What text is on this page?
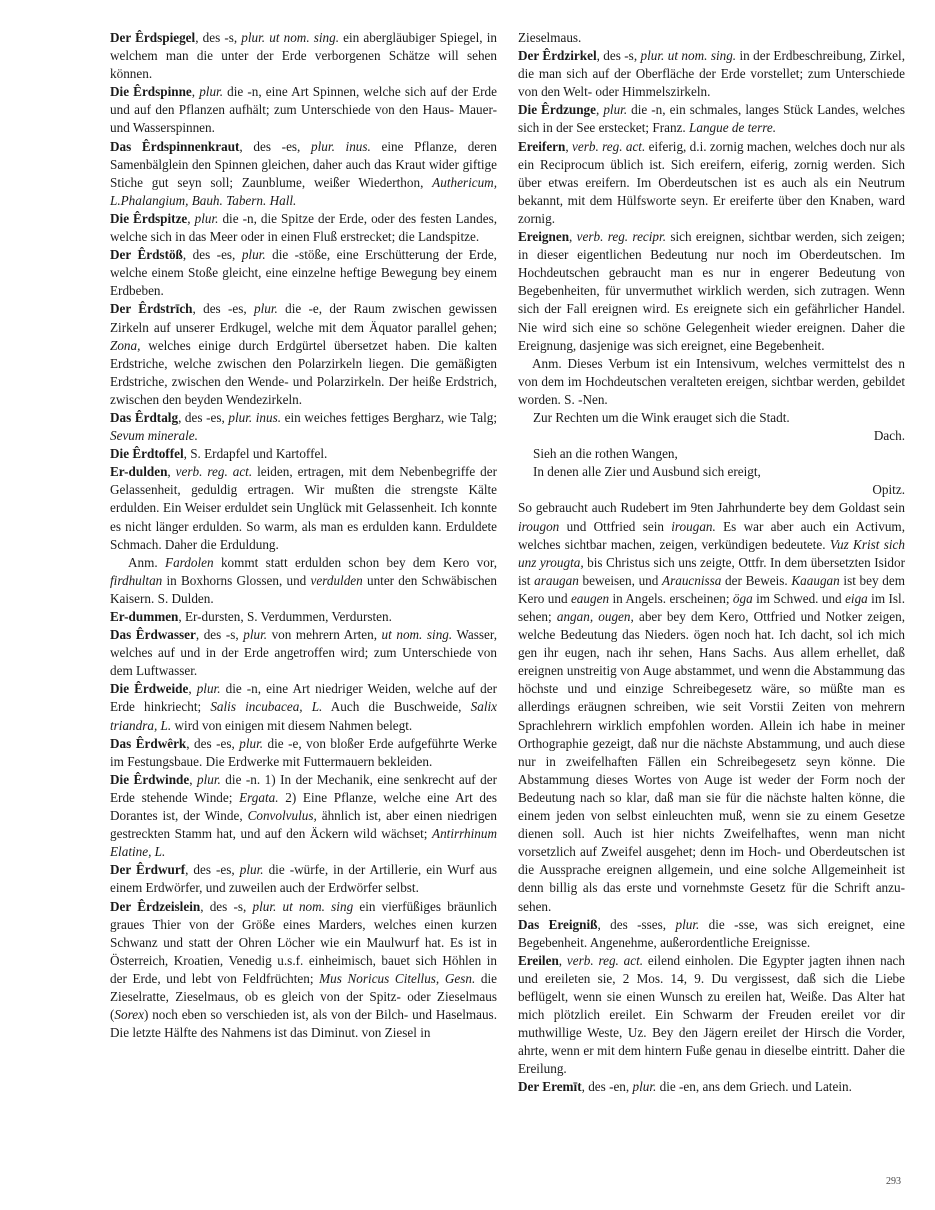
Der Êrdspiegel, des -s, plur. ut nom. sing. ein abergläubiger Spiegel, in welchem man die unter der Erde verborgenen Schätze will sehen können.

Die Êrdspinne, plur. die -n, eine Art Spinnen, welche sich auf der Erde und auf den Pflanzen aufhält; zum Unterschiede von den Haus- Mauer- und Wasserspinnen.

Das Êrdspinnenkraut, des -es, plur. inus. eine Pflanze, deren Samenbälglein den Spinnen gleichen, daher auch das Kraut wider giftige Stiche gut seyn soll; Zaunblume, weißer Wiederthon, Authericum, L.Phalangium, Bauh. Tabern. Hall.

Die Êrdspitze, plur. die -n, die Spitze der Erde, oder des festen Landes, welche sich in das Meer oder in einen Fluß erstrecket; die Landspitze.

Der Êrdstöß, des -es, plur. die -stöße, eine Erschütterung der Erde, welche einem Stoße gleicht, eine einzelne heftige Bewegung bey einem Erdbeben.

Der Êrdstrīch, des -es, plur. die -e, der Raum zwischen gewissen Zirkeln auf unserer Erdkugel, welche mit dem Äquator parallel gehen; Zona, welches einige durch Erdgürtel übersetzet haben. Die kalten Erdstriche, welche zwischen den Polarzirkeln liegen. Die gemäßigten Erdstriche, zwischen den Wende- und Polarzirkeln. Der heiße Erdstrich, zwischen den beyden Wendezirkeln.

Das Êrdtalg, des -es, plur. inus. ein weiches fettiges Bergharz, wie Talg; Sevum minerale.

Die Êrdtoffel, S. Erdapfel und Kartoffel.

Er-dulden, verb. reg. act. leiden, ertragen, mit dem Nebenbegriffe der Gelassenheit, geduldig ertragen. Wir mußten die strengste Kälte erdulden. Ein Weiser erduldet sein Unglück mit Gelassenheit. Ich konnte es nicht länger erdulden. So warm, als man es erdulden kann. Erduldete Schmach. Daher die Erduldung.

Anm. Fardolen kommt statt erdulden schon bey dem Kero vor, firdhultan in Boxhorns Glossen, und verdulden unter den Schwäbischen Kaisern. S. Dulden.

Er-dummen, Er-dursten, S. Verdummen, Verdursten.

Das Êrdwasser, des -s, plur. von mehrern Arten, ut nom. sing. Wasser, welches auf und in der Erde angetroffen wird; zum Unterschiede von dem Luftwasser.

Die Êrdweide, plur. die -n, eine Art niedriger Weiden, welche auf der Erde hinkriecht; Salis incubacea, L. Auch die Buschweide, Salix triandra, L. wird von einigen mit diesem Nahmen belegt.

Das Êrdwêrk, des -es, plur. die -e, von bloßer Erde aufgeführte Werke im Festungsbaue. Die Erdwerke mit Futtermauern bekleiden.

Die Êrdwinde, plur. die -n. 1) In der Mechanik, eine senkrecht auf der Erde stehende Winde; Ergata. 2) Eine Pflanze, welche eine Art des Dorantes ist, der Winde, Convolvulus, ähnlich ist, aber einen niedrigen gestreckten Stamm hat, und auf den Äckern wild wächset; Antirrhinum Elatine, L.

Der Êrdwurf, des -es, plur. die -würfe, in der Artillerie, ein Wurf aus einem Erdwörfer, und zuweilen auch der Erdwörfer selbst.

Der Êrdzeislein, des -s, plur. ut nom. sing ein vierfüßiges bräunlich graues Thier von der Größe eines Marders, welches einen kurzen Schwanz und statt der Ohren Löcher wie ein Maulwurf hat. Es ist in Österreich, Kroatien, Venedig u.s.f. einheimisch, bauet sich Höhlen in der Erde, und lebt von Feldfrüchten; Mus Noricus Citellus, Gesn. die Zieselratte, Zieselmaus, ob es gleich von der Spitz- oder Zieselmaus (Sorex) noch eben so verschieden ist, als von der Bilch- und Haselmaus. Die letzte Hälfte des Nahmens ist das Diminut. von Ziesel in

Zieselmaus.

Der Êrdzirkel, des -s, plur. ut nom. sing. in der Erdbeschreibung, Zirkel, die man sich auf der Oberfläche der Erde vorstellet; zum Unterschiede von den Welt- oder Himmelszirkeln.

Die Êrdzunge, plur. die -n, ein schmales, langes Stück Landes, welches sich in der See erstecket; Franz. Langue de terre.

Ereifern, verb. reg. act. eiferig, d.i. zornig machen, welches doch nur als ein Reciprocum üblich ist. Sich ereifern, eiferig, zornig werden. Sich über etwas ereifern. Im Oberdeutschen ist es auch als ein Neutrum bekannt, mit dem Hülfsworte seyn. Er ereiferte über den Knaben, ward zornig.

Ereignen, verb. reg. recipr. sich ereignen, sichtbar werden, sich zeigen; in dieser eigentlichen Bedeutung nur noch im Oberdeutschen. Im Hochdeutschen gebraucht man es nur in engerer Bedeutung von Begebenheiten, für unvermuthet wirklich werden, sich zutragen. Wenn sich der Fall ereignen wird. Es ereignete sich ein gefährlicher Handel. Nie wird sich eine so schöne Gelegenheit wieder ereignen. Daher die Ereignung, dasjenige was sich ereignet, eine Begebenheit.

Anm. Dieses Verbum ist ein Intensivum, welches vermittelst des n von dem im Hochdeutschen veralteten ereigen, sichtbar werden, gebildet worden. S. -Nen.

Zur Rechten um die Wink erauget sich die Stadt.

Dach.

Sieh an die rothen Wangen,

In denen alle Zier und Ausbund sich ereigt,

Opitz.

So gebraucht auch Rudebert im 9ten Jahrhunderte bey dem Goldast sein irougon und Ottfried sein irougan. Es war aber auch ein Activum, welches sichtbar machen, zeigen, verkündigen bedeutete. Vuz Krist sich unz yrougta, bis Christus sich uns zeigte, Ottfr. In dem übersetzten Isidor ist araugan beweisen, und Araucnissa der Beweis. Kaaugan ist bey dem Kero und eaugen in Angels. erscheinen; öga im Schwed. und eiga im Isl. sehen; angan, ougen, aber bey dem Kero, Ottfried und Notker zeigen, welche Bedeutung das Nieders. ögen noch hat. Ich dacht, sol ich mich gen ihr eugen, nach ihr sehen, Hans Sachs. Aus allem erhellet, daß ereignen unstreitig von Auge abstammet, und wenn die Abstammung das höchste und und einzige Schreibegesetz wäre, so müßte man es allerdings eräugnen schreiben, wie seit Vorstii Zeiten von mehrern Sprachlehrern wirklich empfohlen worden. Allein ich habe in meiner Orthographie gezeigt, daß nur die nächste Abstammung, und auch diese nur in zweifelhaften Fällen ein Schreibegesetz seyn könne. Die Abstammung dieses Wortes von Auge ist weder der Form noch der Bedeutung nach so klar, daß man sie für die nächste halten könne, die einem jeden von selbst einleuchten muß, wenn sie zu einem Gesetze dienen soll. Auch ist hier nichts Zweifelhaftes, wenn man nicht vorsetzlich auf Zweifel ausgehet; denn im Hoch- und Oberdeutschen ist die Aussprache ereignen allgemein, und eine solche Allgemeinheit ist denn billig als das erste und vornehmste Gesetz für die Schrift anzusehen.

Das Ereigniß, des -sses, plur. die -sse, was sich ereignet, eine Begebenheit. Angenehme, außerordentliche Ereignisse.

Ereilen, verb. reg. act. eilend einholen. Die Egypter jagten ihnen nach und ereileten sie, 2 Mos. 14, 9. Du vergissest, daß sich die Liebe beflügelt, wenn sie einen Wunsch zu ereilen hat, Weiße. Das Alter hat mich plötzlich ereilet. Ein Schwarm der Freuden ereilet vor dir muthwillige Weste, Uz. Bey den Jägern ereilet der Hirsch die Vorder, ahrte, wenn er mit dem hintern Fuße genau in dieselbe eintritt. Daher die Ereilung.

Der Eremīt, des -en, plur. die -en, ans dem Griech. und Latein.

293
